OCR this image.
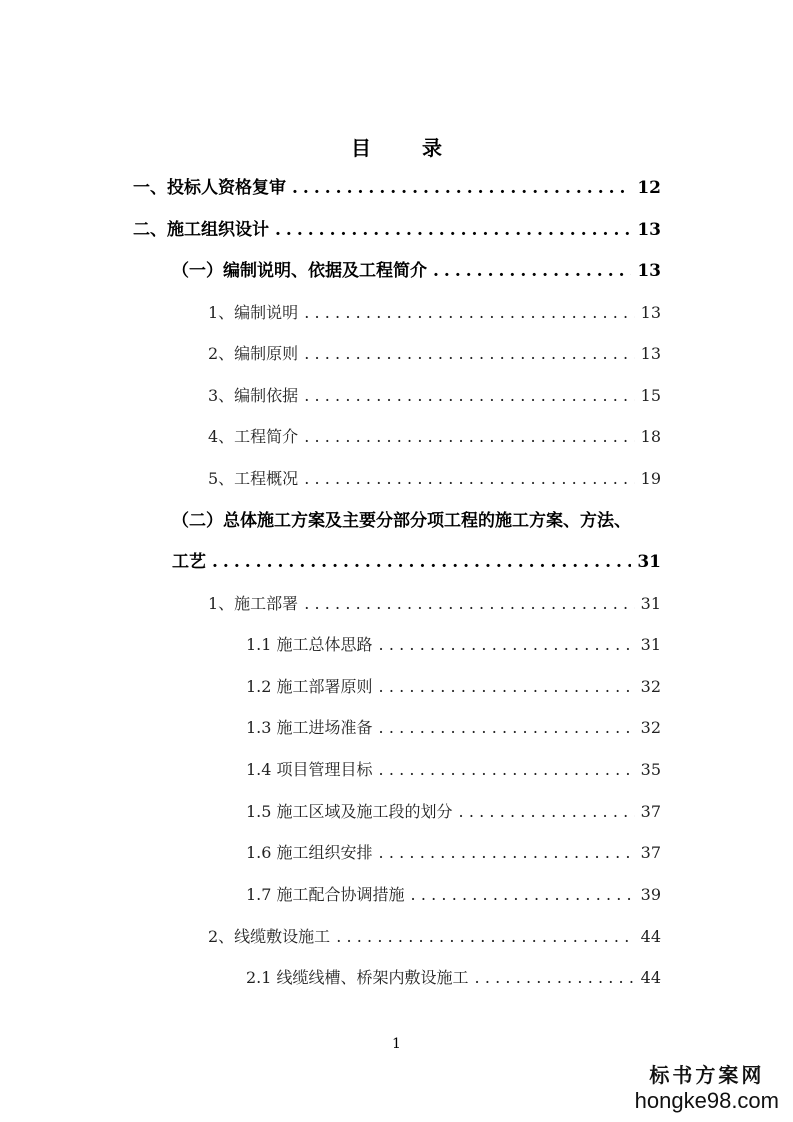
目 录
一、投标人资格复审 .....	12
二、施工组织设计 .....	13
（一）编制说明、依据及工程简介 .....	13
1、编制说明 .....	13
2、编制原则 .....	13
3、编制依据 .....	15
4、工程简介 .....	18
5、工程概况 .....	19
（二）总体施工方案及主要分部分项工程的施工方案、方法、
工艺 .....	31
1、施工部署 .....	31
1.1 施工总体思路 .....	31
1.2 施工部署原则 .....	32
1.3 施工进场准备 .....	32
1.4 项目管理目标 .....	35
1.5 施工区域及施工段的划分 .....	37
1.6 施工组织安排 .....	37
1.7 施工配合协调措施 .....	39
2、线缆敷设施工 .....	44
2.1 线缆线槽、桥架内敷设施工 .....	44
1
标书方案网
hongke98.com
